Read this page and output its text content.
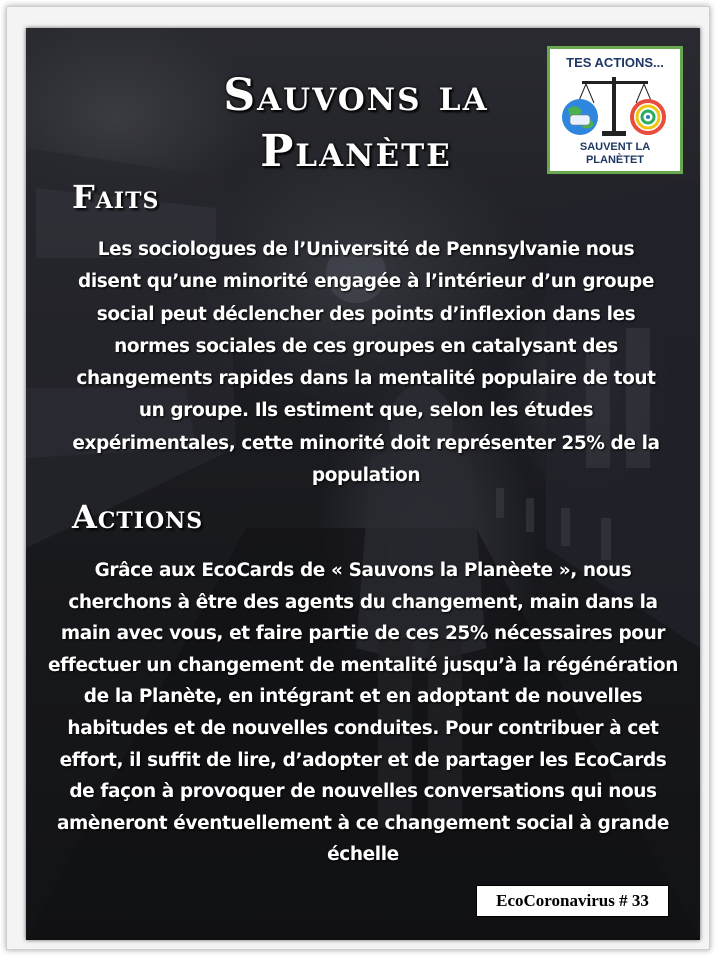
Sauvons la Planète
TES ACTIONS...
SAUVENT LA
PLANÈTET
Faits
Les sociologues de l’Université de Pennsylvanie nous disent qu’une minorité engagée à l’intérieur d’un groupe social peut déclencher des points d’inflexion dans les normes sociales de ces groupes en catalysant des changements rapides dans la mentalité populaire de tout un groupe. Ils estiment que, selon les études expérimentales, cette minorité doit représenter 25% de la population
Actions
Grâce aux EcoCards de « Sauvons la Planèete », nous cherchons à être des agents du changement, main dans la main avec vous, et faire partie de ces 25% nécessaires pour effectuer un changement de mentalité jusqu’à la régénération de la Planète, en intégrant et en adoptant de nouvelles habitudes et de nouvelles conduites. Pour contribuer à cet effort, il suffit de lire, d’adopter et de partager les EcoCards de façon à provoquer de nouvelles conversations qui nous amèneront éventuellement à ce changement social à grande échelle
EcoCoronavirus # 33
